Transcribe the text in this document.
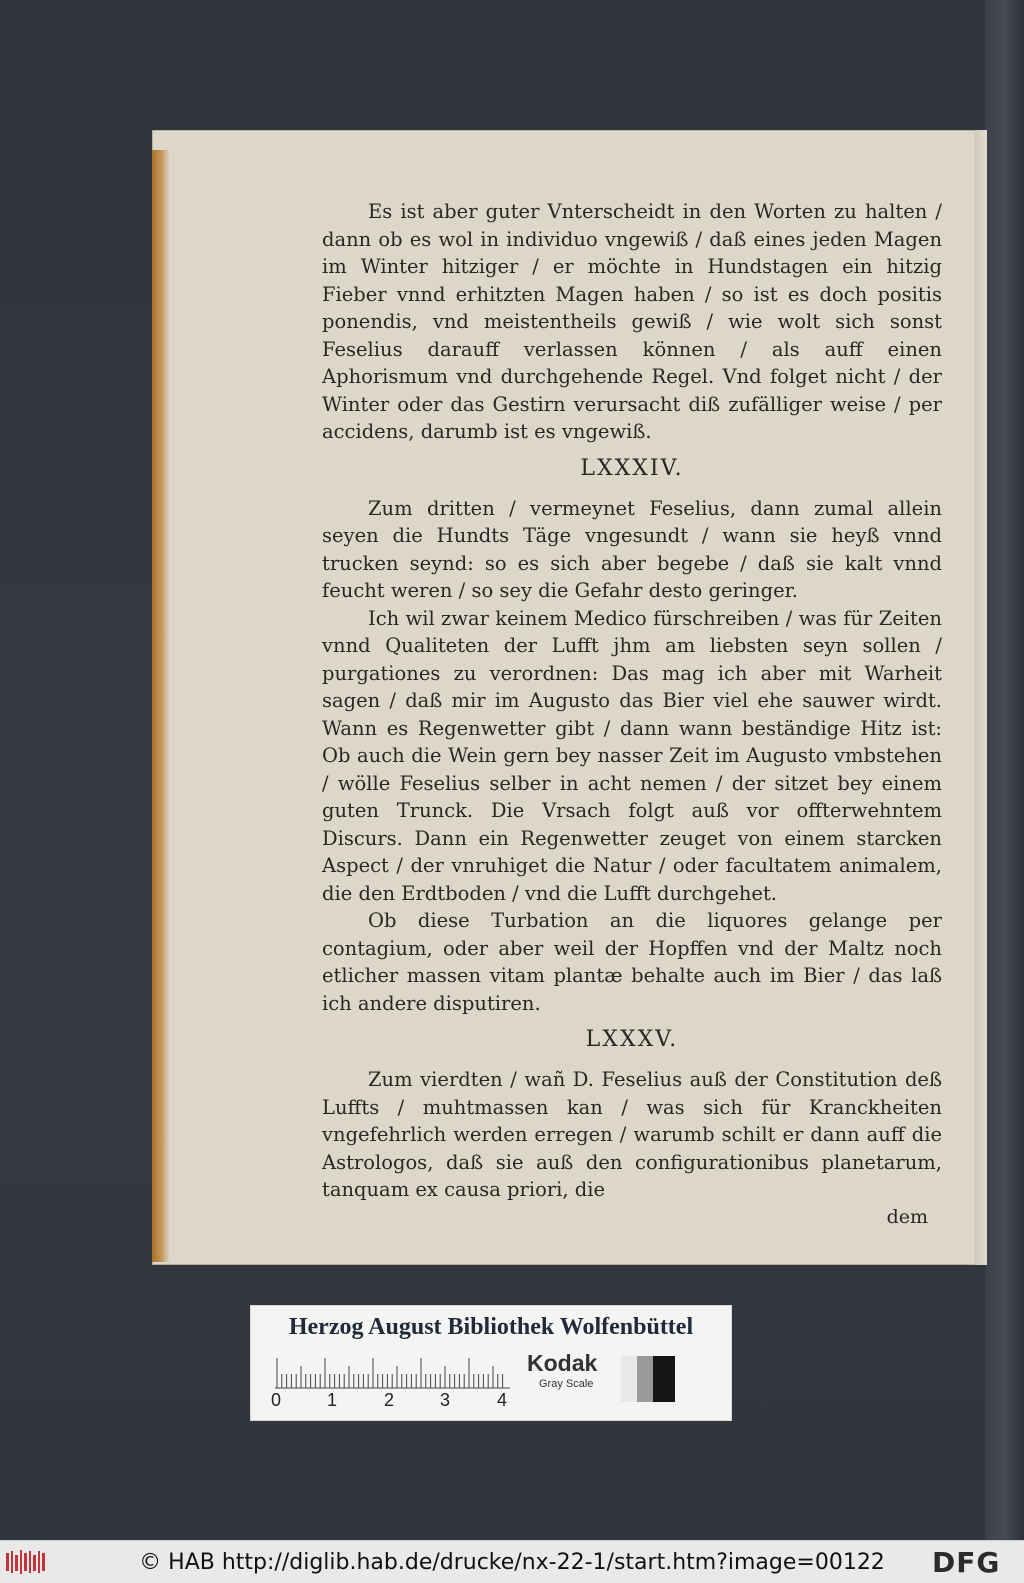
Es ist aber guter Vnterscheidt in den Worten zu halten / dann ob es wol in individuo vngewiß / daß eines jeden Magen im Winter hitziger / er möchte in Hundstagen ein hitzig Fieber vnnd erhitzten Magen haben / so ist es doch positis ponendis, vnd meistentheils gewiß / wie wolt sich sonst Feselius darauff verlassen können / als auff einen Aphorismum vnd durchgehende Regel. Vnd folget nicht / der Winter oder das Gestirn verursacht diß zufälliger weise / per accidens, darumb ist es vngewiß.

LXXXIV.

Zum dritten / vermeynet Feselius, dann zumal allein seyen die Hundts Täge vngesundt / wann sie heyß vnnd trucken seynd: so es sich aber begebe / daß sie kalt vnnd feucht weren / so sey die Gefahr desto geringer.

Ich wil zwar keinem Medico fürschreiben / was für Zeiten vnnd Qualiteten der Lufft jhm am liebsten seyn sollen / purgationes zu verordnen: Das mag ich aber mit Warheit sagen / daß mir im Augusto das Bier viel ehe sauwer wirdt. Wann es Regenwetter gibt / dann wann beständige Hitz ist: Ob auch die Wein gern bey nasser Zeit im Augusto vmbstehen / wölle Feselius selber in acht nemen / der sitzet bey einem guten Trunck. Die Vrsach folgt auß vor offterwehntem Discurs. Dann ein Regenwetter zeuget von einem starcken Aspect / der vnruhiget die Natur / oder facultatem animalem, die den Erdtboden / vnd die Lufft durchgehet.

Ob diese Turbation an die liquores gelange per contagium, oder aber weil der Hopffen vnd der Maltz noch etlicher massen vitam plantæ behalte auch im Bier / das laß ich andere disputiren.

LXXXV.

Zum vierdten / wañ D. Feselius auß der Constitution deß Luffts / muhtmassen kan / was sich für Kranckheiten vngefehrlich werden erregen / warumb schilt er dann auff die Astrologos, daß sie auß den configurationibus planetarum, tanquam ex causa priori, die

dem

Herzog August Bibliothek Wolfenbüttel
0	1	2	3	4
Kodak
Gray Scale
© HAB http://diglib.hab.de/drucke/nx-22-1/start.htm?image=00122	DFG
